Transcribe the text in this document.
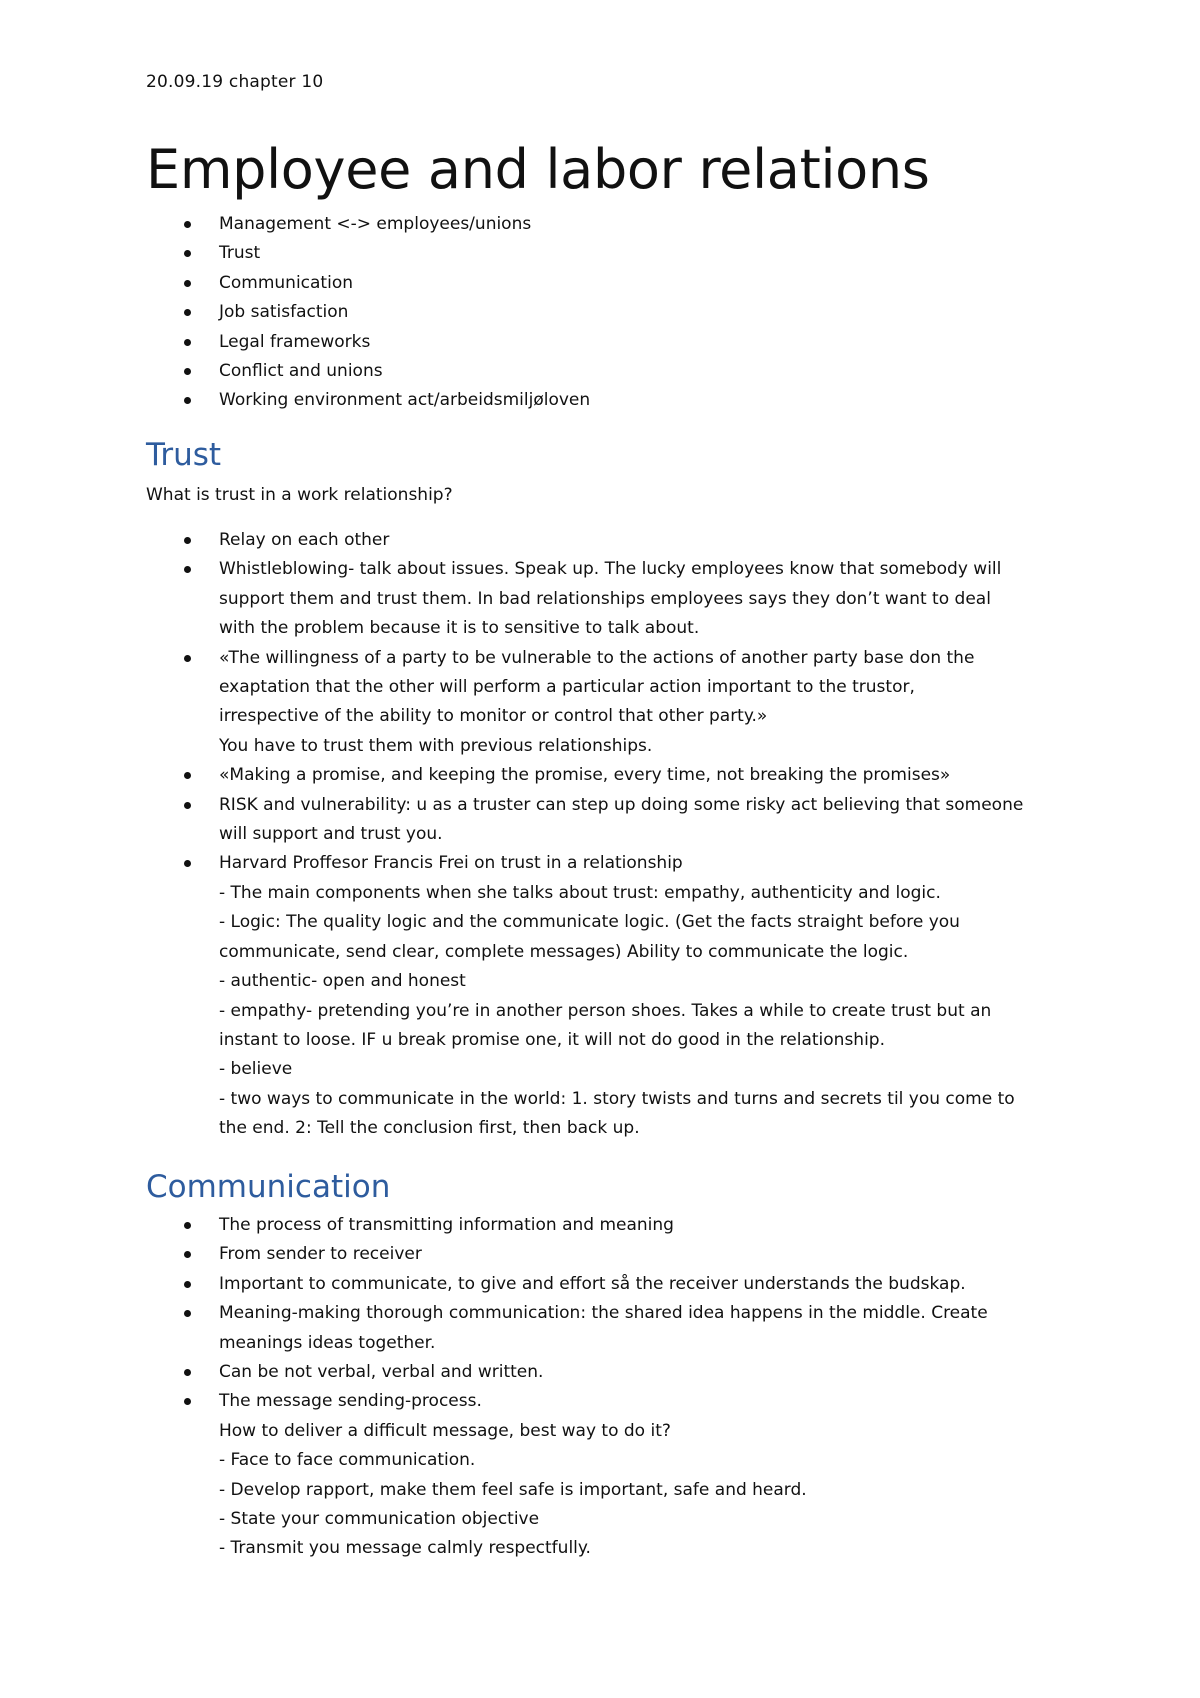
20.09.19 chapter 10
Employee and labor relations
Management <-> employees/unions
Trust
Communication
Job satisfaction
Legal frameworks
Conflict and unions
Working environment act/arbeidsmiljøloven
Trust

What is trust in a work relationship?

Relay on each other
Whistleblowing- talk about issues. Speak up. The lucky employees know that somebody will
support them and trust them. In bad relationships employees says they don’t want to deal
with the problem because it is to sensitive to talk about.
«The willingness of a party to be vulnerable to the actions of another party base don the
exaptation that the other will perform a particular action important to the trustor,
irrespective of the ability to monitor or control that other party.»
You have to trust them with previous relationships.
«Making a promise, and keeping the promise, every time, not breaking the promises»
RISK and vulnerability: u as a truster can step up doing some risky act believing that someone
will support and trust you.
Harvard Proffesor Francis Frei on trust in a relationship
- The main components when she talks about trust: empathy, authenticity and logic.
- Logic: The quality logic and the communicate logic. (Get the facts straight before you
communicate, send clear, complete messages) Ability to communicate the logic.
- authentic- open and honest
- empathy- pretending you’re in another person shoes. Takes a while to create trust but an
instant to loose. IF u break promise one, it will not do good in the relationship.
- believe
- two ways to communicate in the world: 1. story twists and turns and secrets til you come to
the end. 2: Tell the conclusion first, then back up.
Communication
The process of transmitting information and meaning
From sender to receiver
Important to communicate, to give and effort så the receiver understands the budskap.
Meaning-making thorough communication: the shared idea happens in the middle. Create
meanings ideas together.
Can be not verbal, verbal and written.
The message sending-process.
How to deliver a difficult message, best way to do it?
- Face to face communication.
- Develop rapport, make them feel safe is important, safe and heard.
- State your communication objective
- Transmit you message calmly respectfully.
